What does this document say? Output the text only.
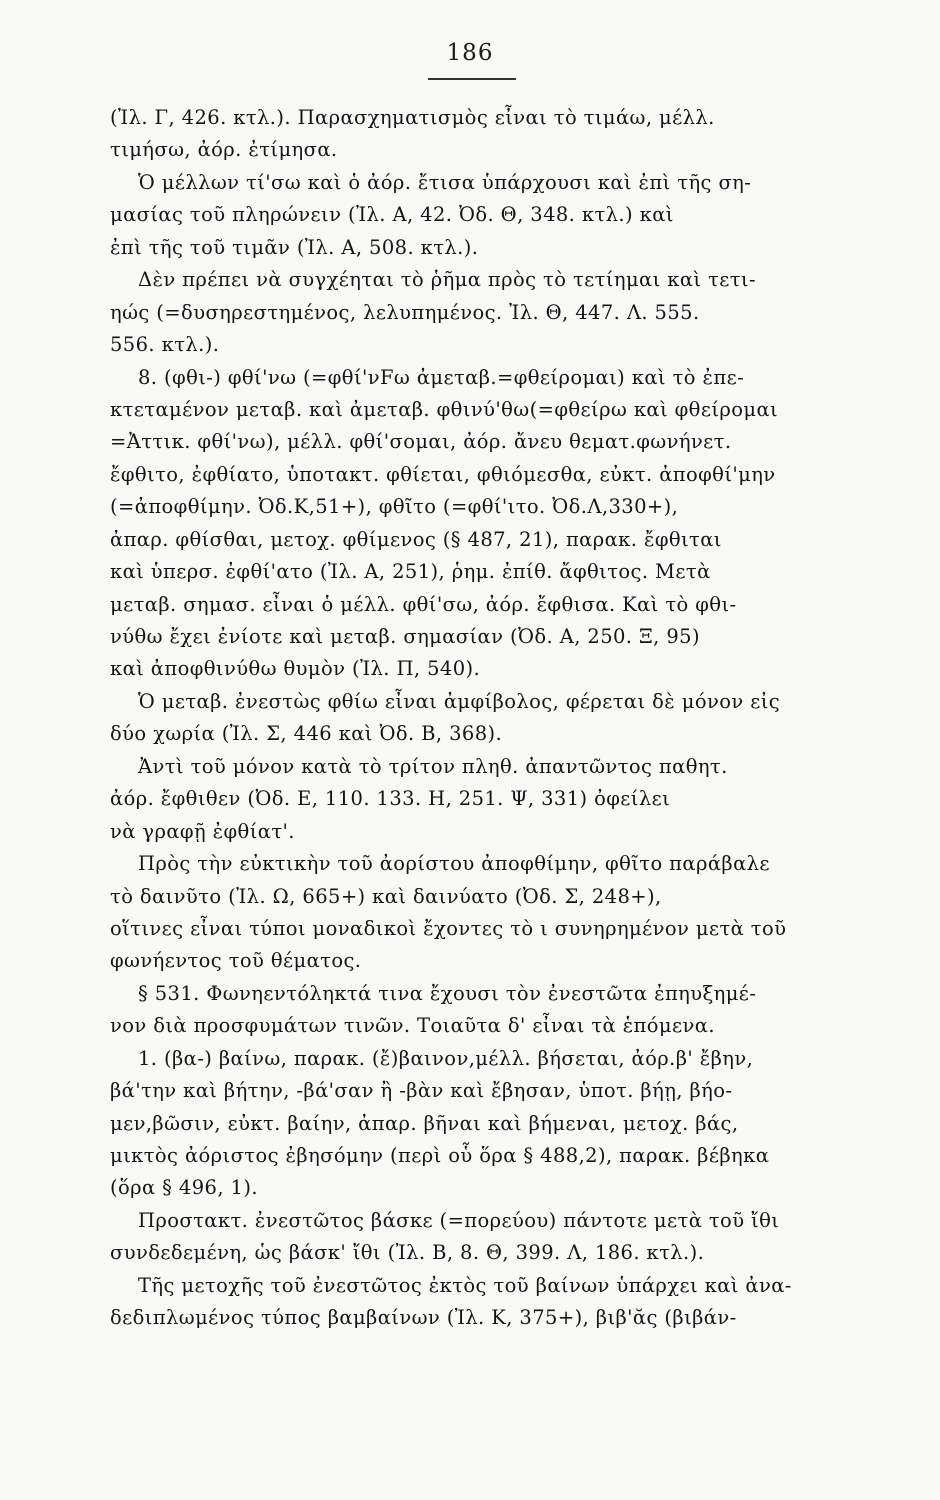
186
(Ἰλ. Γ, 426. κτλ.). Παρασχηματισμὸς εἶναι τὸ τιμάω, μέλλ.
τιμήσω, ἀόρ. ἐτίμησα.
Ὁ μέλλων τί'σω καὶ ὁ ἀόρ. ἔτισα ὑπάρχουσι καὶ ἐπὶ τῆς ση-
μασίας τοῦ πληρώνειν (Ἰλ. Α, 42. Ὀδ. Θ, 348. κτλ.) καὶ
ἐπὶ τῆς τοῦ τιμᾶν (Ἰλ. Α, 508. κτλ.).
Δὲν πρέπει νὰ συγχέηται τὸ ῥῆμα πρὸς τὸ τετίημαι καὶ τετι-
ηώς (=δυσηρεστημένος, λελυπημένος. Ἰλ. Θ, 447. Λ. 555.
556. κτλ.).
8. (φθι-) φθί'νω (=φθί'νFω ἀμεταβ.=φθείρομαι) καὶ τὸ ἐπε-
κτεταμένον μεταβ. καὶ ἀμεταβ. φθινύ'θω(=φθείρω καὶ φθείρομαι
=Ἀττικ. φθί'νω), μέλλ. φθί'σομαι, ἀόρ. ἄνευ θεματ.φωνήνετ.
ἔφθιτο, ἐφθίατο, ὑποτακτ. φθίεται, φθιόμεσθα, εὐκτ. ἀποφθί'μην
(=ἀποφθίμην. Ὀδ.Κ,51+), φθῖτο (=φθί'ιτο. Ὀδ.Λ,330+),
ἀπαρ. φθίσθαι, μετοχ. φθίμενος (§ 487, 21), παρακ. ἔφθιται
καὶ ὑπερσ. ἐφθί'ατο (Ἰλ. Α, 251), ῥημ. ἐπίθ. ἄφθιτος. Μετὰ
μεταβ. σημασ. εἶναι ὁ μέλλ. φθί'σω, ἀόρ. ἔφθισα. Καὶ τὸ φθι-
νύθω ἔχει ἐνίοτε καὶ μεταβ. σημασίαν (Ὀδ. Α, 250. Ξ, 95)
καὶ ἀποφθινύθω θυμὸν (Ἰλ. Π, 540).
Ὁ μεταβ. ἐνεστὼς φθίω εἶναι ἀμφίβολος, φέρεται δὲ μόνον εἰς
δύο χωρία (Ἰλ. Σ, 446 καὶ Ὀδ. Β, 368).
Ἀντὶ τοῦ μόνον κατὰ τὸ τρίτον πληθ. ἀπαντῶντος παθητ.
ἀόρ. ἔφθιθεν (Ὀδ. Ε, 110. 133. Η, 251. Ψ, 331) ὀφείλει
νὰ γραφῇ ἐφθίατ'.
Πρὸς τὴν εὐκτικὴν τοῦ ἀορίστου ἀποφθίμην, φθῖτο παράβαλε
τὸ δαινῦτο (Ἰλ. Ω, 665+) καὶ δαινύατο (Ὀδ. Σ, 248+),
οἵτινες εἶναι τύποι μοναδικοὶ ἔχοντες τὸ ι συνηρημένον μετὰ τοῦ
φωνήεντος τοῦ θέματος.
§ 531. Φωνηεντόληκτά τινα ἔχουσι τὸν ἐνεστῶτα ἐπηυξημέ-
νον διὰ προσφυμάτων τινῶν. Τοιαῦτα δ' εἶναι τὰ ἑπόμενα.
1. (βα-) βαίνω, παρακ. (ἔ)βαινον,μέλλ. βήσεται, ἀόρ.β' ἔβην,
βά'την καὶ βήτην, -βά'σαν ἢ -βὰν καὶ ἔβησαν, ὑποτ. βήῃ, βήο-
μεν,βῶσιν, εὐκτ. βαίην, ἀπαρ. βῆναι καὶ βήμεναι, μετοχ. βάς,
μικτὸς ἀόριστος ἐβησόμην (περὶ οὗ ὅρα § 488,2), παρακ. βέβηκα
(ὅρα § 496, 1).
Προστακτ. ἐνεστῶτος βάσκε (=πορεύου) πάντοτε μετὰ τοῦ ἴθι
συνδεδεμένη, ὡς βάσκ' ἴθι (Ἰλ. Β, 8. Θ, 399. Λ, 186. κτλ.).
Τῆς μετοχῆς τοῦ ἐνεστῶτος ἐκτὸς τοῦ βαίνων ὑπάρχει καὶ ἀνα-
δεδιπλωμένος τύπος βαμβαίνων (Ἰλ. Κ, 375+), βιβ'ᾰς (βιβάν-
